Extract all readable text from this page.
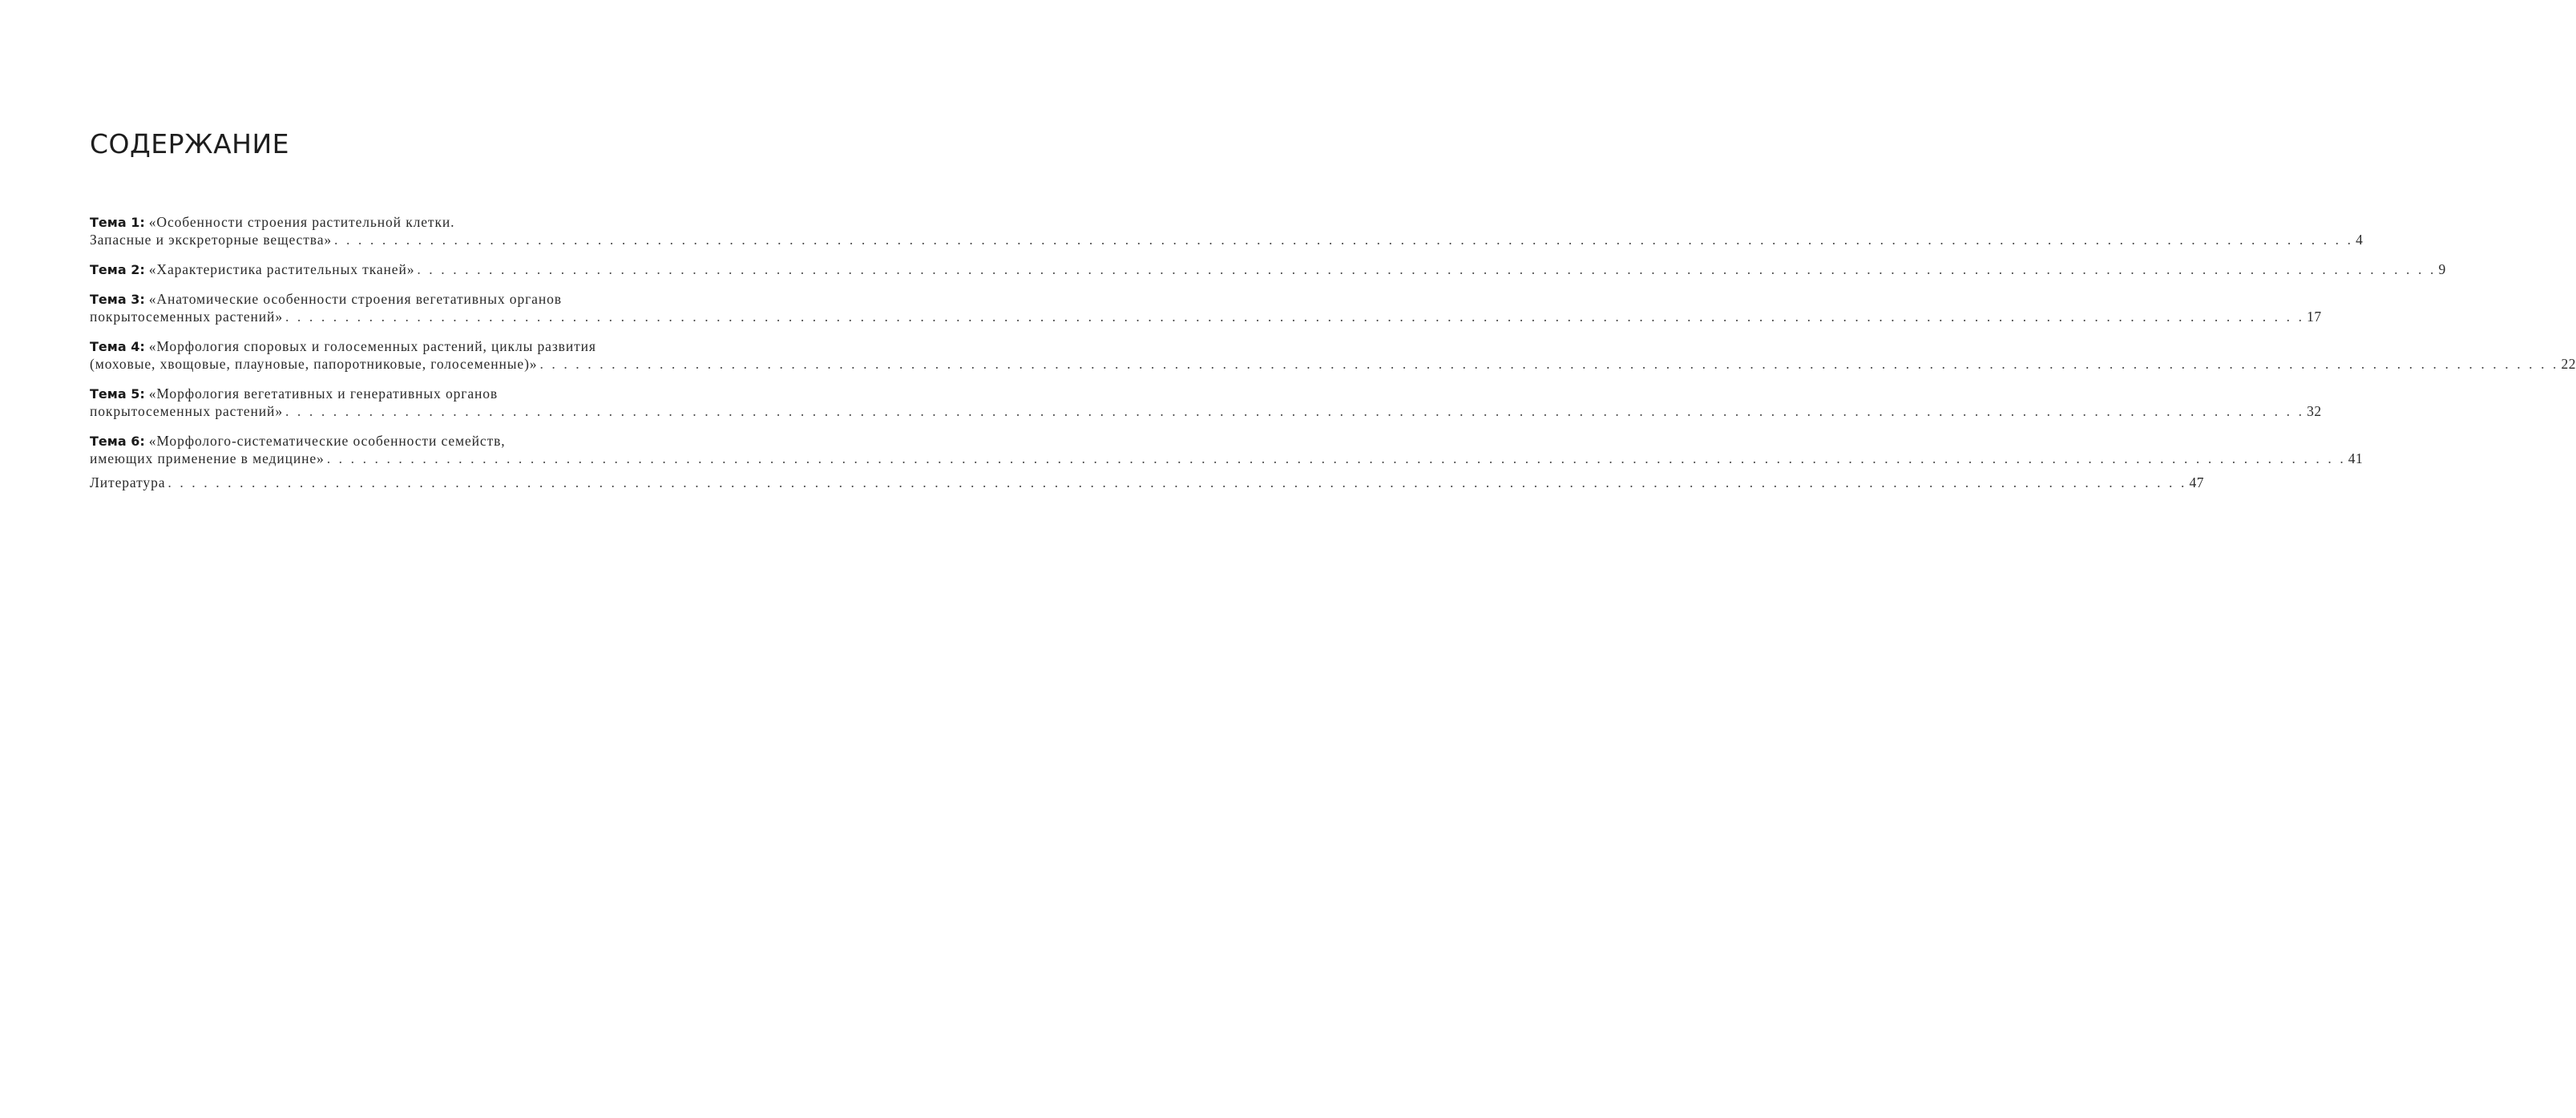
СОДЕРЖАНИЕ
Тема 1: «Особенности строения растительной клетки.
Запасные и экскреторные вещества» . . .	4
Тема 2: «Характеристика растительных тканей» . . .	9
Тема 3: «Анатомические особенности строения вегетативных органов
покрытосеменных растений» . . .	17
Тема 4: «Морфология споровых и голосеменных растений, циклы развития
(моховые, хвощовые, плауновые, папоротниковые, голосеменные)» . . .	22
Тема 5: «Морфология вегетативных и генеративных органов
покрытосеменных растений» . . .	32
Тема 6: «Морфолого-систематические особенности семейств,
имеющих применение в медицине» . . .	41
Литература . . .	47
